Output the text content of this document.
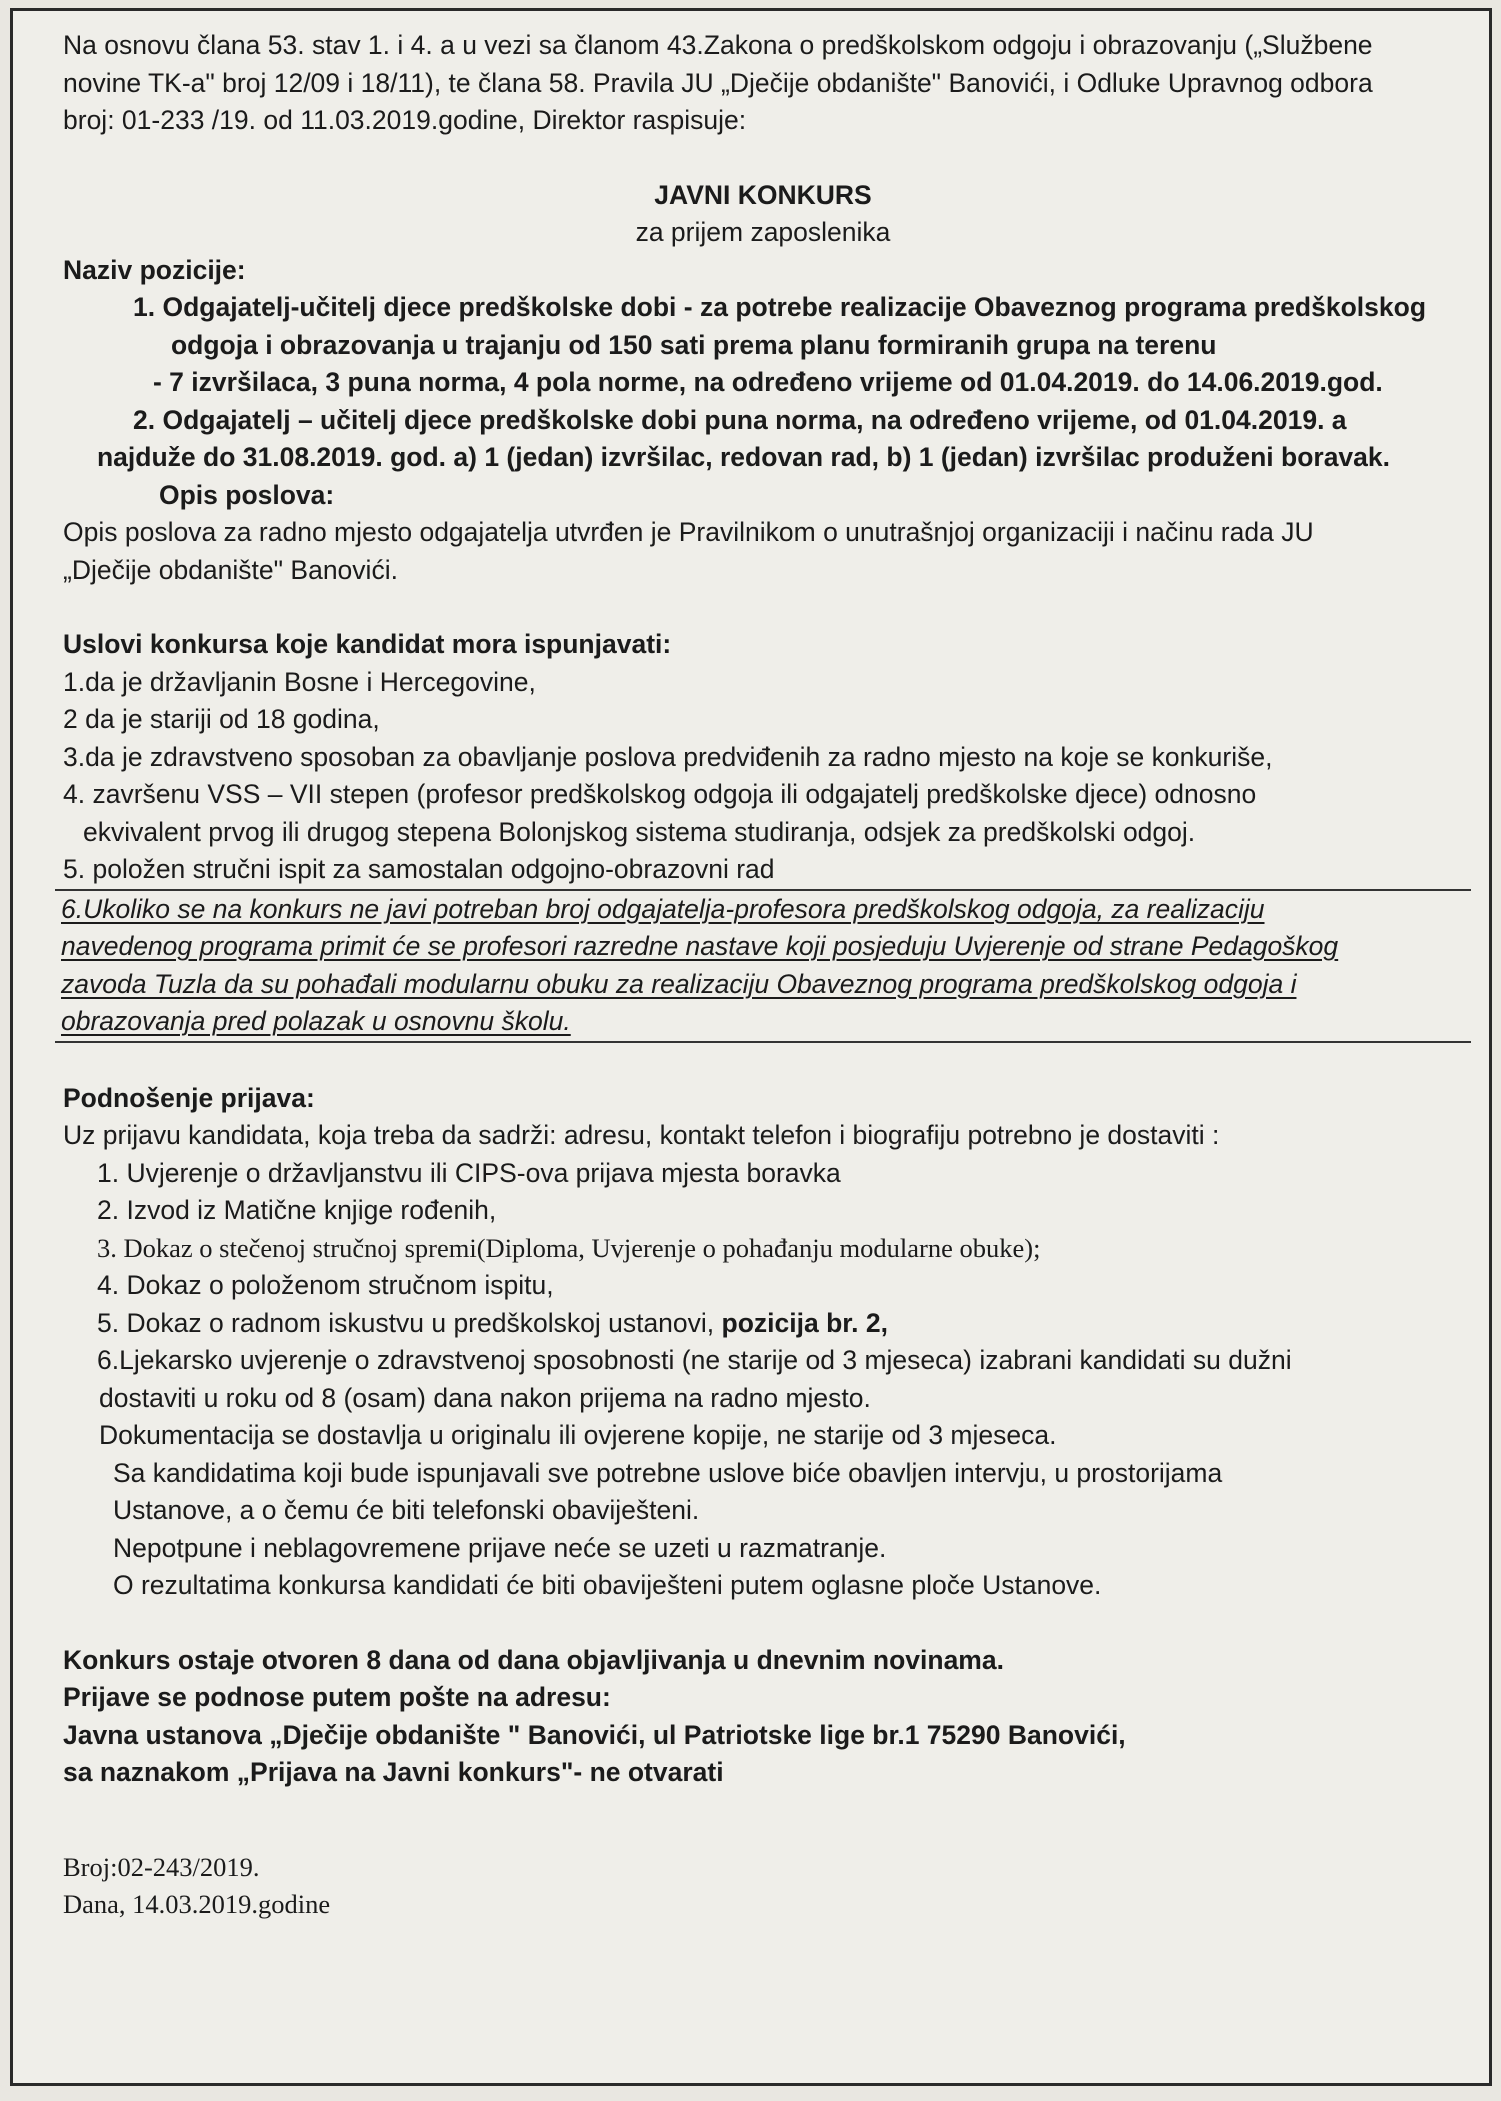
Na osnovu člana 53. stav 1. i 4. a u vezi sa članom 43.Zakona o predškolskom odgoju i obrazovanju („Službene

novine TK-a" broj 12/09 i 18/11), te člana 58. Pravila JU „Dječije obdanište" Banovići, i Odluke Upravnog odbora

broj: 01-233 /19. od 11.03.2019.godine, Direktor raspisuje:

JAVNI KONKURS

za prijem zaposlenika

Naziv pozicije:

1. Odgajatelj-učitelj djece predškolske dobi - za potrebe realizacije Obaveznog programa predškolskog

odgoja i obrazovanja u trajanju od 150 sati prema planu formiranih grupa na terenu

- 7 izvršilaca, 3 puna norma, 4 pola norme, na određeno vrijeme od 01.04.2019. do 14.06.2019.god.

2. Odgajatelj – učitelj djece predškolske dobi puna norma, na određeno vrijeme, od 01.04.2019. a

najduže do 31.08.2019. god. a) 1 (jedan) izvršilac, redovan rad, b) 1 (jedan) izvršilac produženi boravak.

Opis poslova:

Opis poslova za radno mjesto odgajatelja utvrđen je Pravilnikom o unutrašnjoj organizaciji i načinu rada JU

„Dječije obdanište" Banovići.

Uslovi konkursa koje kandidat mora ispunjavati:

1.da je državljanin Bosne i Hercegovine,

2 da je stariji od 18 godina,

3.da je zdravstveno sposoban za obavljanje poslova predviđenih za radno mjesto na koje se konkuriše,

4. završenu VSS – VII stepen (profesor predškolskog odgoja ili odgajatelj predškolske djece) odnosno

ekvivalent prvog ili drugog stepena Bolonjskog sistema studiranja, odsjek za predškolski odgoj.

5. položen stručni ispit za samostalan odgojno-obrazovni rad

6.Ukoliko se na konkurs ne javi potreban broj odgajatelja-profesora predškolskog odgoja, za realizaciju

navedenog programa primit će se profesori razredne nastave koji posjeduju Uvjerenje od strane Pedagoškog

zavoda Tuzla da su pohađali modularnu obuku za realizaciju Obaveznog programa predškolskog odgoja i

obrazovanja pred polazak u osnovnu školu.

Podnošenje prijava:

Uz prijavu kandidata, koja treba da sadrži: adresu, kontakt telefon i biografiju potrebno je dostaviti :

1. Uvjerenje o državljanstvu ili CIPS-ova prijava mjesta boravka

2. Izvod iz Matične knjige rođenih,

3. Dokaz o stečenoj stručnoj spremi(Diploma, Uvjerenje o pohađanju modularne obuke);

4. Dokaz o položenom stručnom ispitu,

5. Dokaz o radnom iskustvu u predškolskoj ustanovi, pozicija br. 2,

6.Ljekarsko uvjerenje o zdravstvenoj sposobnosti (ne starije od 3 mjeseca) izabrani kandidati su dužni

dostaviti u roku od 8 (osam) dana nakon prijema na radno mjesto.

Dokumentacija se dostavlja u originalu ili ovjerene kopije, ne starije od 3 mjeseca.

Sa kandidatima koji bude ispunjavali sve potrebne uslove biće obavljen intervju, u prostorijama

Ustanove, a o čemu će biti telefonski obaviješteni.

Nepotpune i neblagovremene prijave neće se uzeti u razmatranje.

O rezultatima konkursa kandidati će biti obaviješteni putem oglasne ploče Ustanove.

Konkurs ostaje otvoren 8 dana od dana objavljivanja u dnevnim novinama.

Prijave se podnose putem pošte na adresu:

Javna ustanova „Dječije obdanište " Banovići, ul Patriotske lige br.1 75290 Banovići,

sa naznakom „Prijava na Javni konkurs"- ne otvarati

Broj:02-243/2019.

Dana, 14.03.2019.godine
